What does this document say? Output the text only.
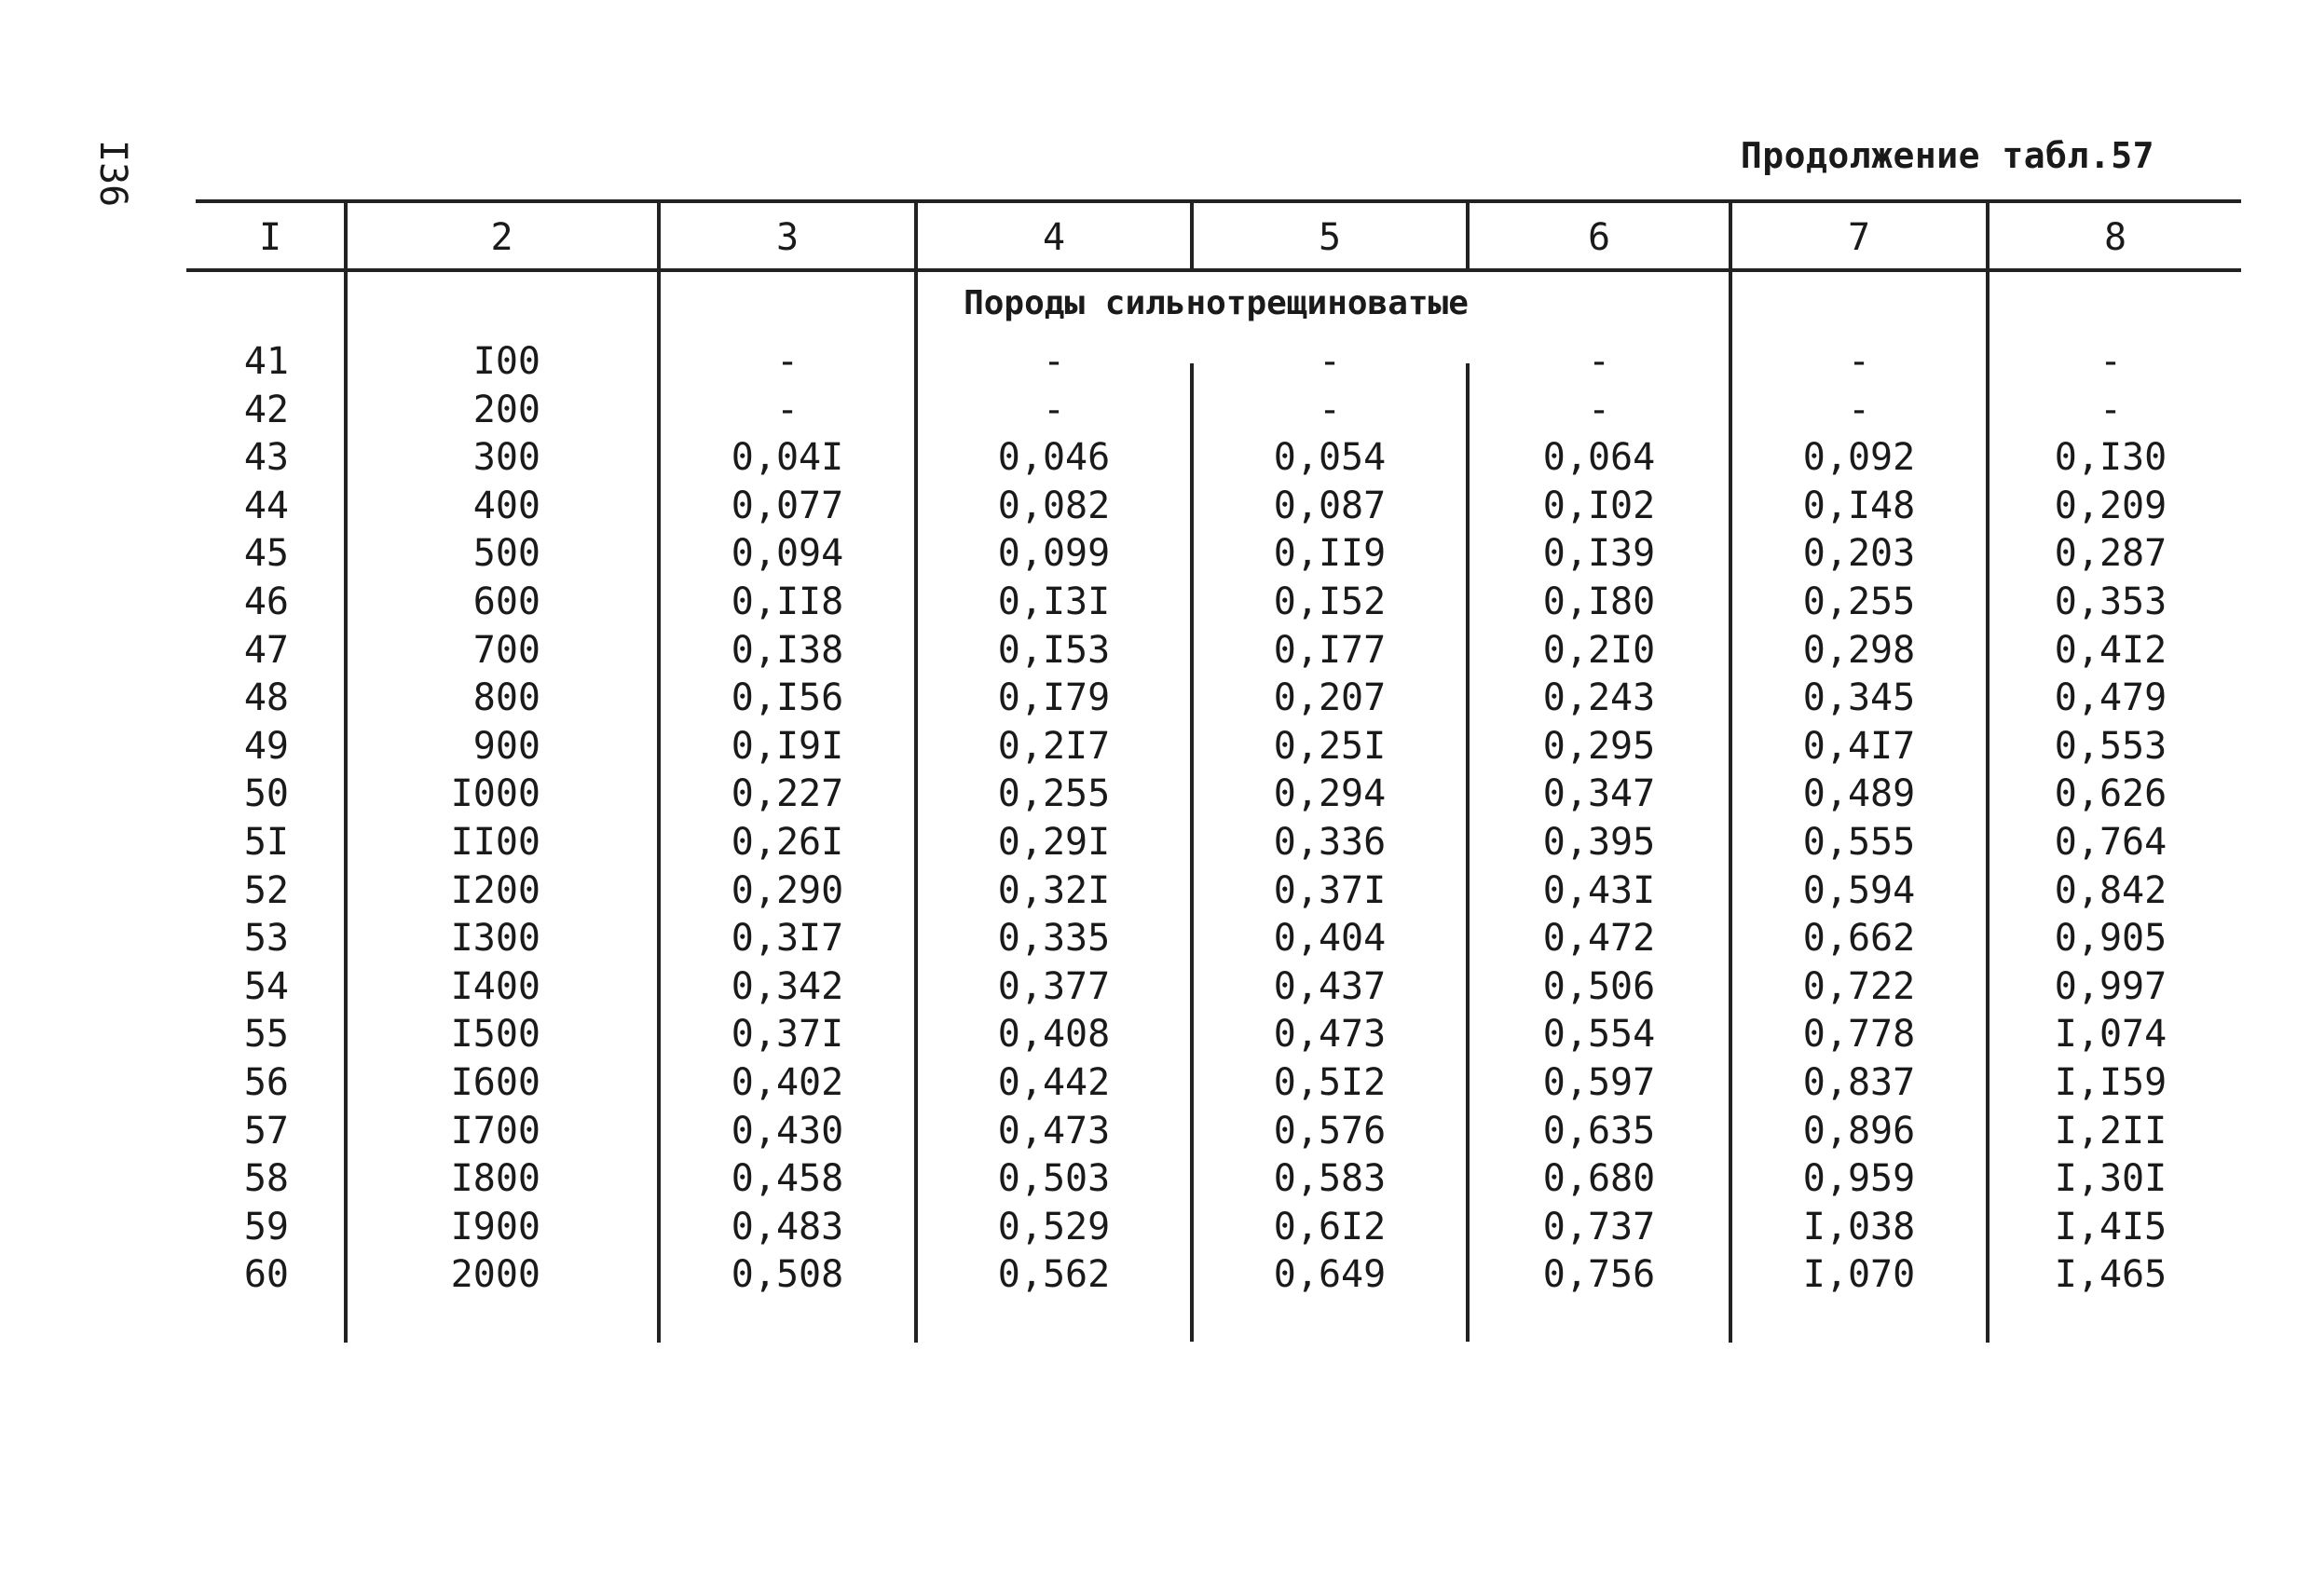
I36	Продолжение табл.57
I	2	3	4	5	6	7	8
Породы сильнотрещиноватые
41	I00	-	-	-	-	-	-
42	200	-	-	-	-	-	-
43	300	0,04I	0,046	0,054	0,064	0,092	0,I30
44	400	0,077	0,082	0,087	0,I02	0,I48	0,209
45	500	0,094	0,099	0,II9	0,I39	0,203	0,287
46	600	0,II8	0,I3I	0,I52	0,I80	0,255	0,353
47	700	0,I38	0,I53	0,I77	0,2I0	0,298	0,4I2
48	800	0,I56	0,I79	0,207	0,243	0,345	0,479
49	900	0,I9I	0,2I7	0,25I	0,295	0,4I7	0,553
50	I000	0,227	0,255	0,294	0,347	0,489	0,626
5I	II00	0,26I	0,29I	0,336	0,395	0,555	0,764
52	I200	0,290	0,32I	0,37I	0,43I	0,594	0,842
53	I300	0,3I7	0,335	0,404	0,472	0,662	0,905
54	I400	0,342	0,377	0,437	0,506	0,722	0,997
55	I500	0,37I	0,408	0,473	0,554	0,778	I,074
56	I600	0,402	0,442	0,5I2	0,597	0,837	I,I59
57	I700	0,430	0,473	0,576	0,635	0,896	I,2II
58	I800	0,458	0,503	0,583	0,680	0,959	I,30I
59	I900	0,483	0,529	0,6I2	0,737	I,038	I,4I5
60	2000	0,508	0,562	0,649	0,756	I,070	I,465
